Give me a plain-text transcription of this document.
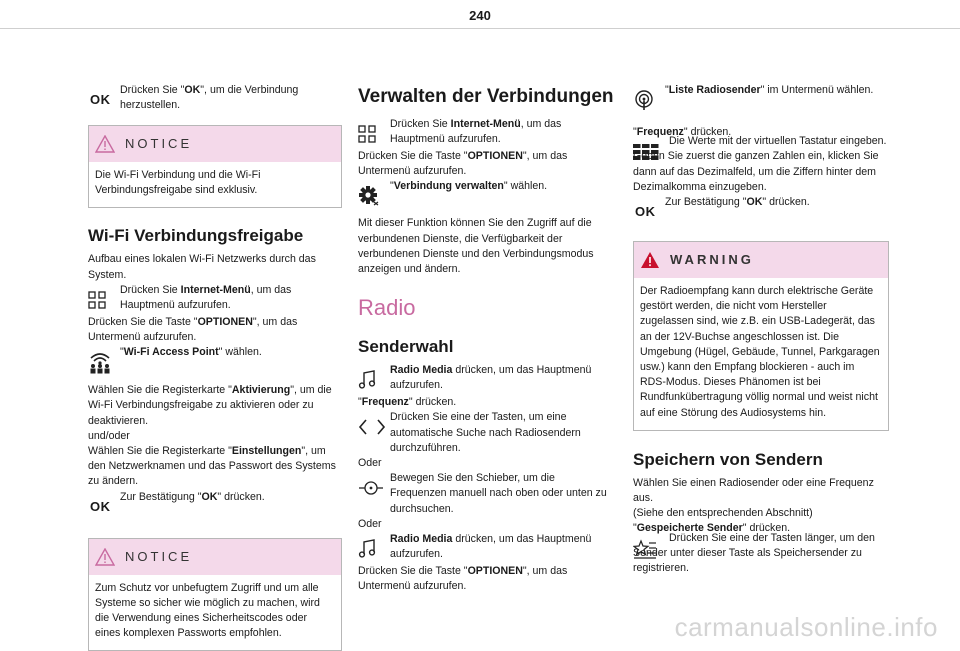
240
OK

Drücken Sie "OK", um die Verbindung herzustellen.

NOTICE
Die Wi-Fi Verbindung und die Wi-Fi Verbindungsfreigabe sind exklusiv.
Wi-Fi Verbindungsfreigabe

Aufbau eines lokalen Wi-Fi Netzwerks durch das System.

Drücken Sie Internet-Menü, um das Hauptmenü aufzurufen.

Drücken Sie die Taste "OPTIONEN", um das Untermenü aufzurufen.

"Wi-Fi Access Point" wählen.

Wählen Sie die Registerkarte "Aktivierung", um die Wi-Fi Verbindungsfreigabe zu aktivieren oder zu deaktivieren.
und/oder
Wählen Sie die Registerkarte "Einstellungen", um den Netzwerknamen und das Passwort des Systems zu ändern.

OK

Zur Bestätigung "OK" drücken.

NOTICE
Zum Schutz vor unbefugtem Zugriff und um alle Systeme so sicher wie möglich zu machen, wird die Verwendung eines Sicherheitscodes oder eines komplexen Passworts empfohlen.
Verwalten der Verbindungen

Drücken Sie Internet-Menü, um das Hauptmenü aufzurufen.

Drücken Sie die Taste "OPTIONEN", um das Untermenü aufzurufen.

"Verbindung verwalten" wählen.

Mit dieser Funktion können Sie den Zugriff auf die verbundenen Dienste, die Verfügbarkeit der verbundenen Dienste und den Verbindungsmodus anzeigen und ändern.

Radio
Senderwahl

Radio Media drücken, um das Hauptmenü aufzurufen.

"Frequenz" drücken.

Drücken Sie eine der Tasten, um eine automatische Suche nach Radiosendern durchzuführen.

Oder

Bewegen Sie den Schieber, um die Frequenzen manuell nach oben oder unten zu durchsuchen.

Oder

Radio Media drücken, um das Hauptmenü aufzurufen.

Drücken Sie die Taste "OPTIONEN", um das Untermenü aufzurufen.

"Liste Radiosender" im Untermenü wählen.

"Frequenz" drücken.

Die Werte mit der virtuellen Tastatur eingeben. Geben Sie zuerst die ganzen Zahlen ein, klicken Sie dann auf das Dezimalfeld, um die Ziffern hinter dem Dezimalkomma einzugeben.

OK

Zur Bestätigung "OK" drücken.

WARNING
Der Radioempfang kann durch elektrische Geräte gestört werden, die nicht vom Hersteller zugelassen sind, wie z.B. ein USB-Ladegerät, das an der 12V-Buchse angeschlossen ist. Die Umgebung (Hügel, Gebäude, Tunnel, Parkgaragen usw.) kann den Empfang blockieren - auch im RDS-Modus. Dieses Phänomen ist bei Rundfunkübertragung völlig normal und weist nicht auf eine Störung des Audiosystems hin.
Speichern von Sendern

Wählen Sie einen Radiosender oder eine Frequenz aus.

(Siehe den entsprechenden Abschnitt)

"Gespeicherte Sender" drücken.

Drücken Sie eine der Tasten länger, um den Sender unter dieser Taste als Speichersender zu registrieren.

carmanualsonline.info
